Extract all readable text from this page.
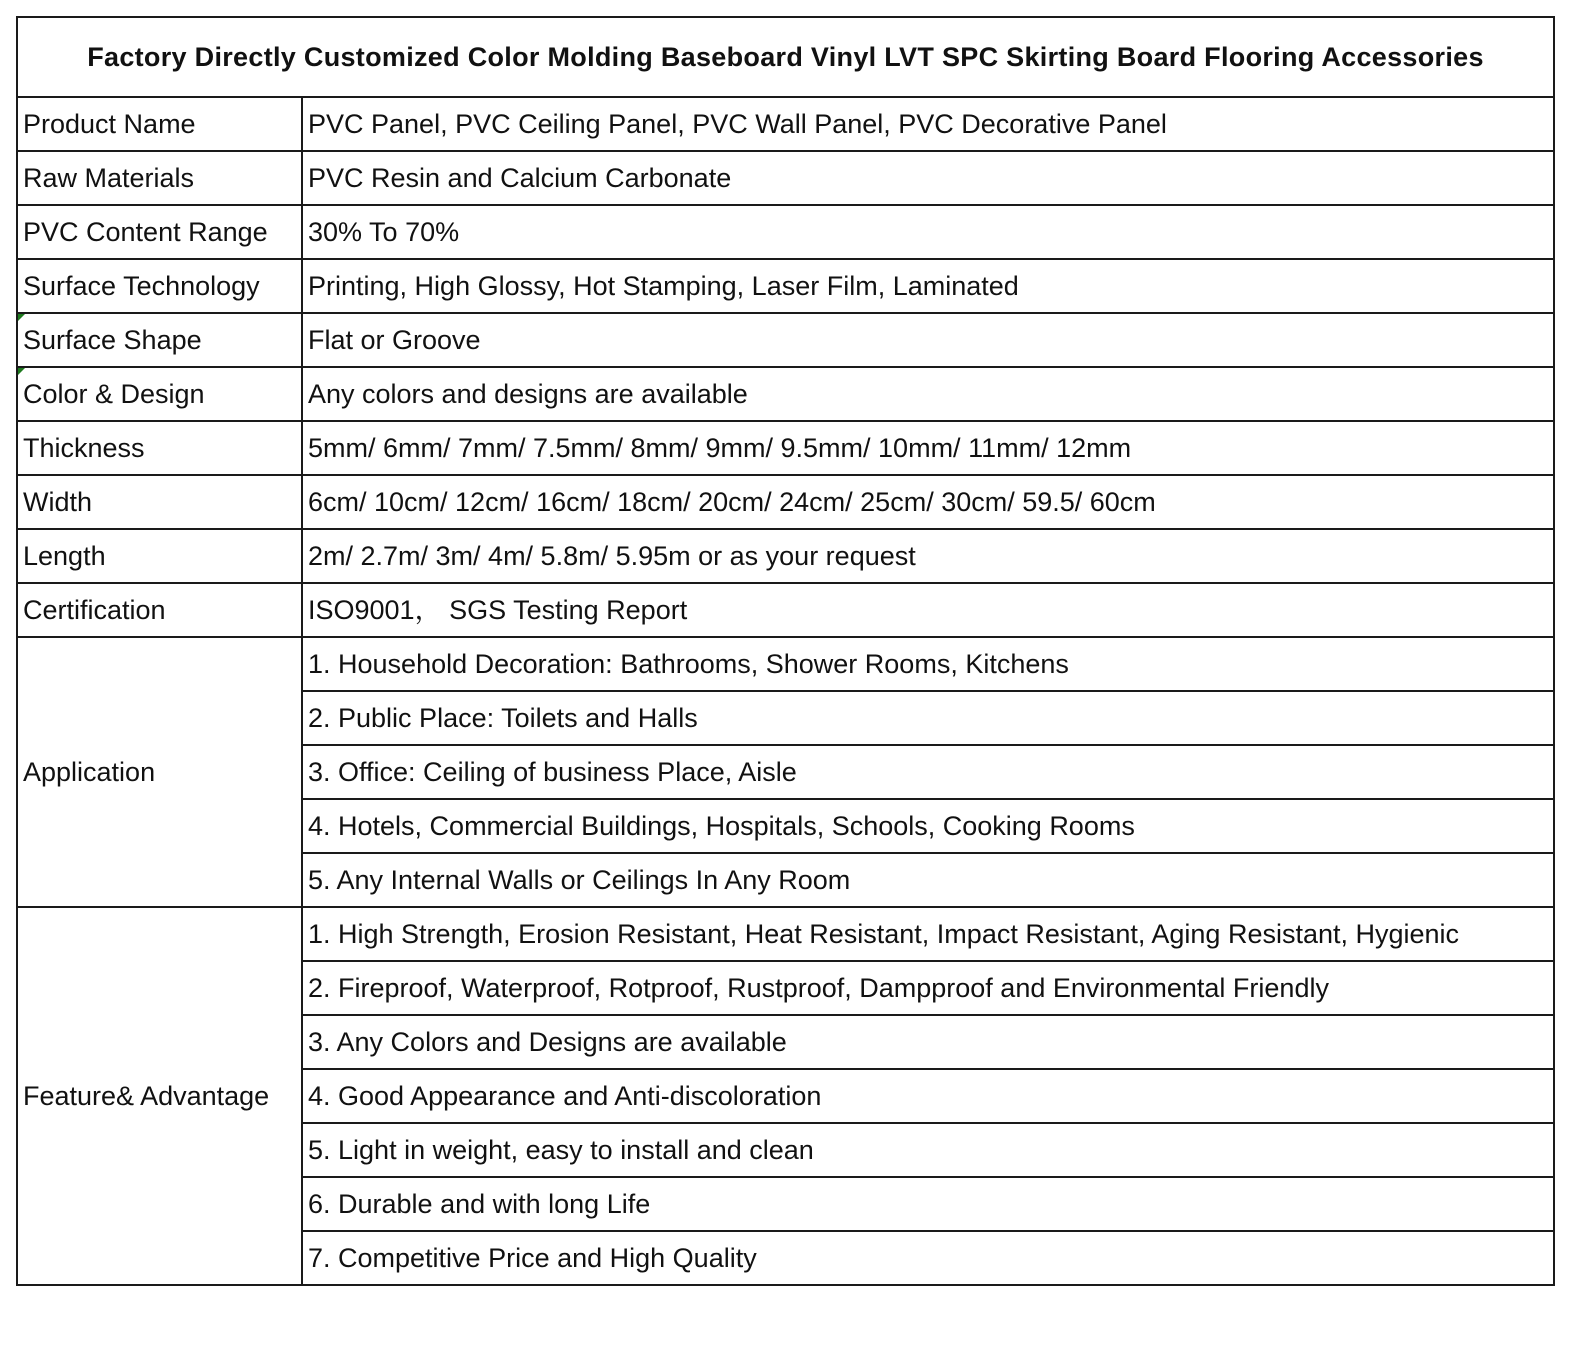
Factory Directly Customized Color Molding Baseboard Vinyl LVT SPC Skirting Board Flooring Accessories	
Product Name	PVC Panel, PVC Ceiling Panel, PVC Wall Panel, PVC Decorative Panel
Raw Materials	PVC Resin and Calcium Carbonate
PVC Content Range	30% To 70%
Surface Technology	Printing, High Glossy, Hot Stamping, Laser Film, Laminated

Surface Shape	Flat or Groove

Color & Design	Any colors and designs are available
Thickness	5mm/ 6mm/ 7mm/ 7.5mm/ 8mm/ 9mm/ 9.5mm/ 10mm/ 11mm/ 12mm
Width	6cm/ 10cm/ 12cm/ 16cm/ 18cm/ 20cm/ 24cm/ 25cm/ 30cm/ 59.5/ 60cm
Length	2m/ 2.7m/ 3m/ 4m/ 5.8m/ 5.95m or as your request
Certification	ISO9001， SGS Testing Report
Application	1. Household Decoration: Bathrooms, Shower Rooms, Kitchens
	2. Public Place: Toilets and Halls
	3. Office: Ceiling of business Place, Aisle
	4. Hotels, Commercial Buildings, Hospitals, Schools, Cooking Rooms
	5. Any Internal Walls or Ceilings In Any Room
Feature& Advantage	1. High Strength, Erosion Resistant, Heat Resistant, Impact Resistant, Aging Resistant, Hygienic
	2. Fireproof, Waterproof, Rotproof, Rustproof, Dampproof and Environmental Friendly
	3. Any Colors and Designs are available
	4. Good Appearance and Anti-discoloration
	5. Light in weight, easy to install and clean
	6. Durable and with long Life
	7. Competitive Price and High Quality
